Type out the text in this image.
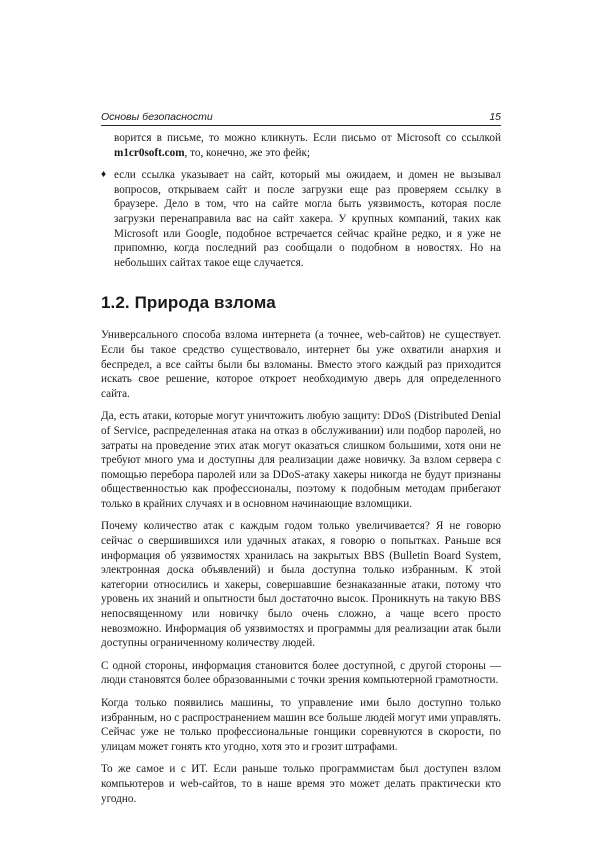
Основы безопасности	15

ворится в письме, то можно кликнуть. Если письмо от Microsoft со ссылкой m1cr0soft.com, то, конечно, же это фейк;

♦ если ссылка указывает на сайт, который мы ожидаем, и домен не вызывал вопросов, открываем сайт и после загрузки еще раз проверяем ссылку в браузере. Дело в том, что на сайте могла быть уязвимость, которая после загрузки перенаправила вас на сайт хакера. У крупных компаний, таких как Microsoft или Google, подобное встречается сейчас крайне редко, и я уже не припомню, когда последний раз сообщали о подобном в новостях. Но на небольших сайтах такое еще случается.

1.2. Природа взлома

Универсального способа взлома интернета (а точнее, web-сайтов) не существует. Если бы такое средство существовало, интернет бы уже охватили анархия и беспредел, а все сайты были бы взломаны. Вместо этого каждый раз приходится искать свое решение, которое откроет необходимую дверь для определенного сайта.

Да, есть атаки, которые могут уничтожить любую защиту: DDoS (Distributed Denial of Service, распределенная атака на отказ в обслуживании) или подбор паролей, но затраты на проведение этих атак могут оказаться слишком большими, хотя они не требуют много ума и доступны для реализации даже новичку. За взлом сервера с помощью перебора паролей или за DDoS-атаку хакеры никогда не будут признаны общественностью как профессионалы, поэтому к подобным методам прибегают только в крайних случаях и в основном начинающие взломщики.

Почему количество атак с каждым годом только увеличивается? Я не говорю сейчас о свершившихся или удачных атаках, я говорю о попытках. Раньше вся информация об уязвимостях хранилась на закрытых BBS (Bulletin Board System, электронная доска объявлений) и была доступна только избранным. К этой категории относились и хакеры, совершавшие безнаказанные атаки, потому что уровень их знаний и опытности был достаточно высок. Проникнуть на такую BBS непосвященному или новичку было очень сложно, а чаще всего просто невозможно. Информация об уязвимостях и программы для реализации атак были доступны ограниченному количеству людей.

С одной стороны, информация становится более доступной, с другой стороны — люди становятся более образованными с точки зрения компьютерной грамотности.

Когда только появились машины, то управление ими было доступно только избранным, но с распространением машин все больше людей могут ими управлять. Сейчас уже не только профессиональные гонщики соревнуются в скорости, по улицам может гонять кто угодно, хотя это и грозит штрафами.

То же самое и с ИТ. Если раньше только программистам был доступен взлом компьютеров и web-сайтов, то в наше время это может делать практически кто угодно.
